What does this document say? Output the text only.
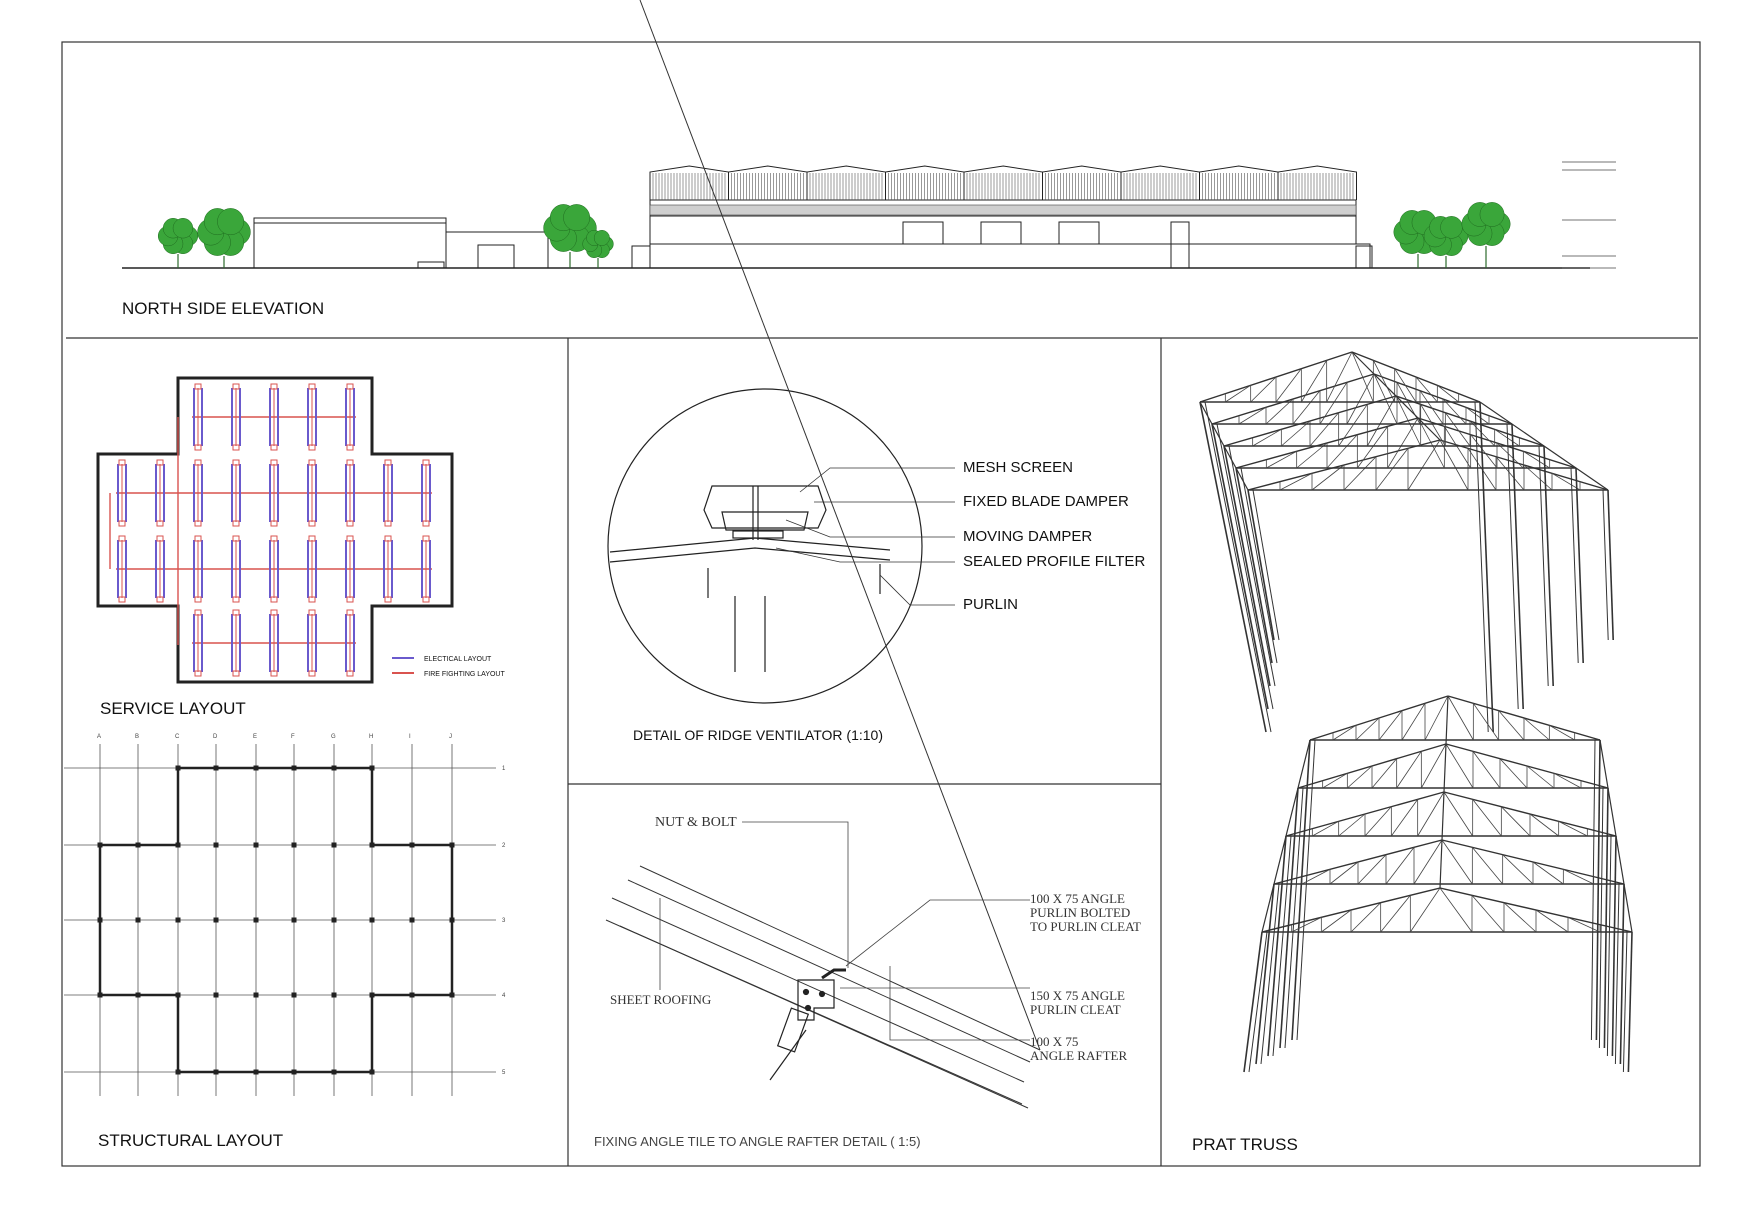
NORTH SIDE ELEVATION
ELECTICAL LAYOUT
FIRE FIGHTING LAYOUT
SERVICE LAYOUT
A	B	C	D	E	F	G	H	I	J
1
2
3
4
5
STRUCTURAL LAYOUT
MESH SCREEN
FIXED BLADE DAMPER
MOVING DAMPER
SEALED PROFILE FILTER
PURLIN
DETAIL OF RIDGE VENTILATOR (1:10)
NUT & BOLT
SHEET ROOFING
100 X 75 ANGLE
PURLIN BOLTED
TO PURLIN CLEAT
150 X 75 ANGLE
PURLIN CLEAT
100 X 75
ANGLE RAFTER
FIXING ANGLE TILE TO ANGLE RAFTER DETAIL ( 1:5)	PRAT TRUSS
